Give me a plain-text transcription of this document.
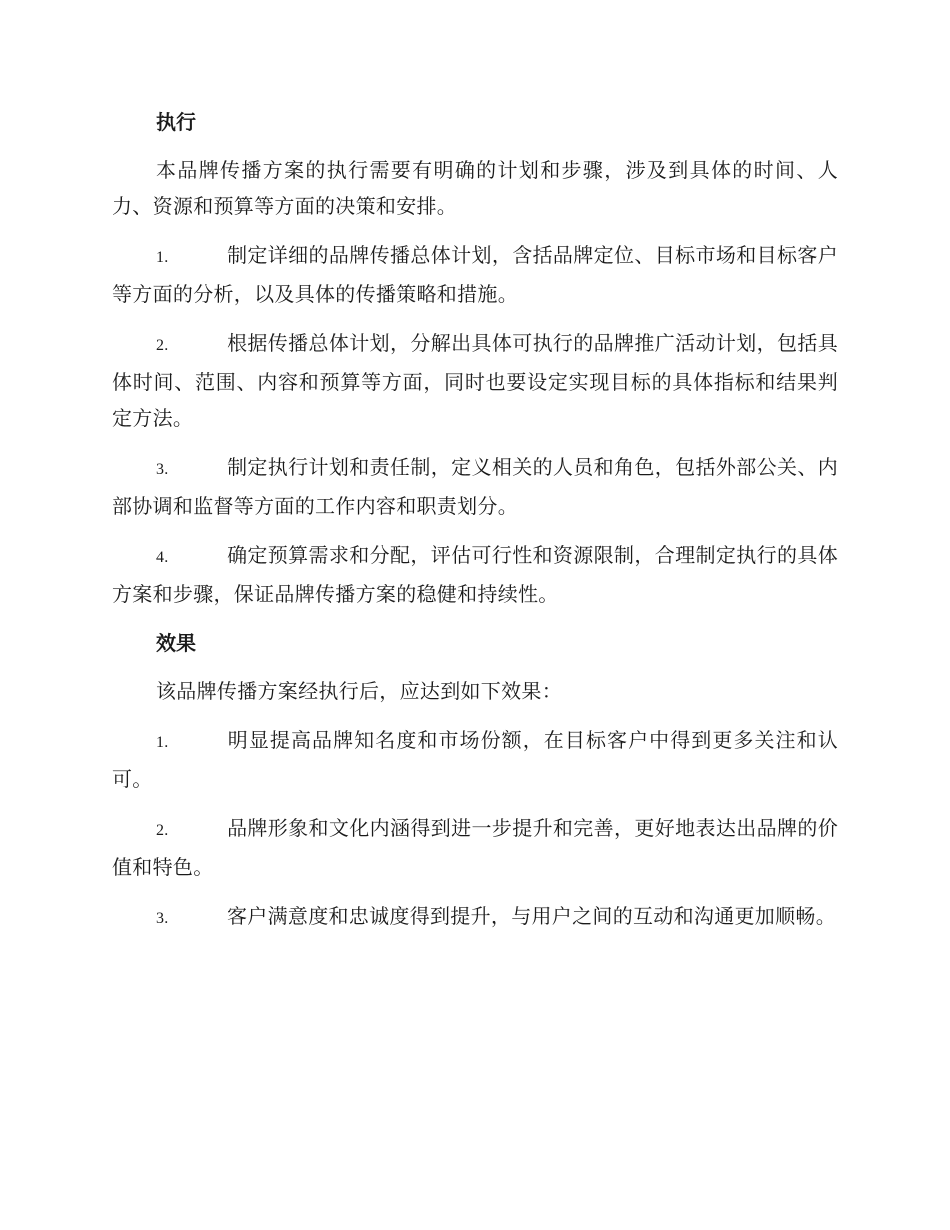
执行

本品牌传播方案的执行需要有明确的计划和步骤，涉及到具体的时间、人力、资源和预算等方面的决策和安排。

1.	制定详细的品牌传播总体计划，含括品牌定位、目标市场和目标客户等方面的分析，以及具体的传播策略和措施。

2.	根据传播总体计划，分解出具体可执行的品牌推广活动计划，包括具体时间、范围、内容和预算等方面，同时也要设定实现目标的具体指标和结果判定方法。

3.	制定执行计划和责任制，定义相关的人员和角色，包括外部公关、内部协调和监督等方面的工作内容和职责划分。

4.	确定预算需求和分配，评估可行性和资源限制，合理制定执行的具体方案和步骤，保证品牌传播方案的稳健和持续性。

效果

该品牌传播方案经执行后，应达到如下效果：

1.	明显提高品牌知名度和市场份额，在目标客户中得到更多关注和认可。

2.	品牌形象和文化内涵得到进一步提升和完善，更好地表达出品牌的价值和特色。

3.	客户满意度和忠诚度得到提升，与用户之间的互动和沟通更加顺畅。
